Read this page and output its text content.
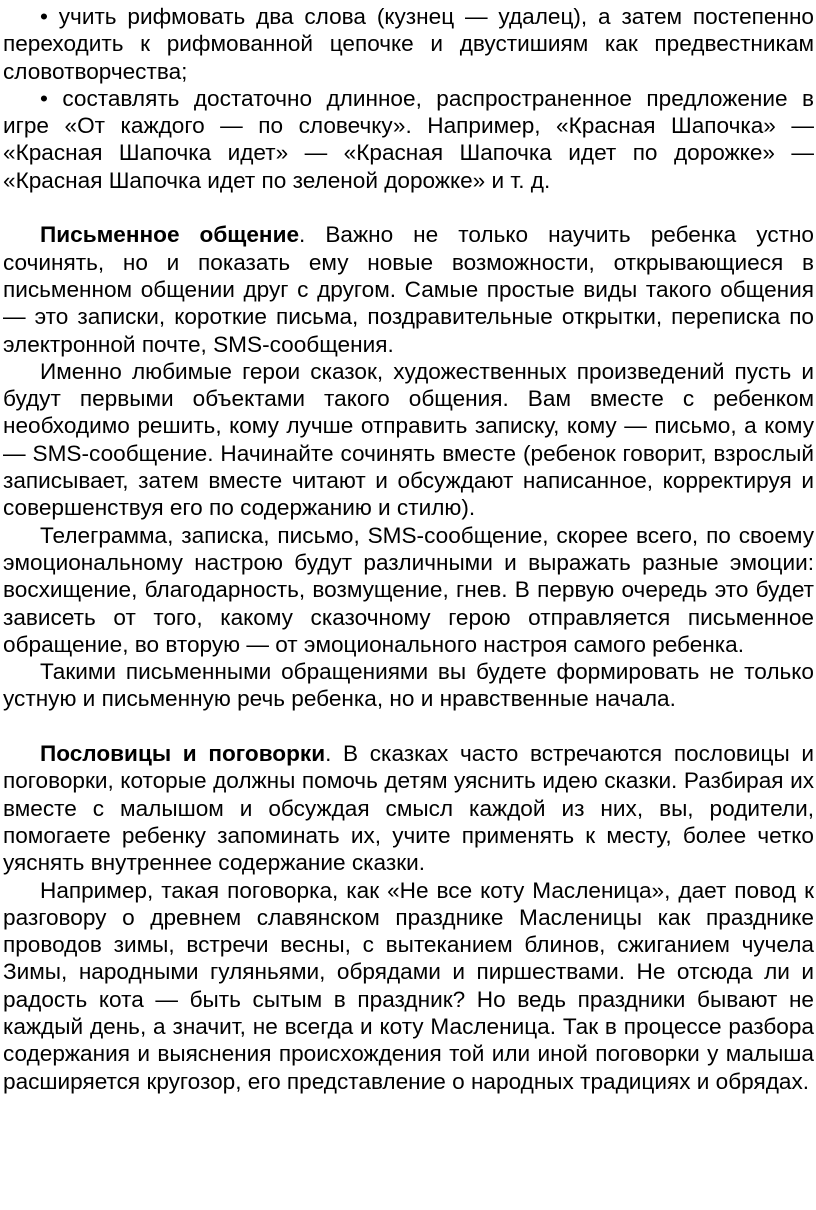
• учить рифмовать два слова (кузнец — удалец), а затем постепенно переходить к рифмованной цепочке и двустишиям как предвестникам словотворчества;

• составлять достаточно длинное, распространенное предложение в игре «От каждого — по словечку». Например, «Красная Шапочка» — «Красная Шапочка идет» — «Красная Шапочка идет по дорожке» — «Красная Шапочка идет по зеленой дорожке» и т. д.

Письменное общение. Важно не только научить ребенка устно сочинять, но и показать ему новые возможности, открывающиеся в письменном общении друг с другом. Самые простые виды такого общения — это записки, короткие письма, поздравительные открытки, переписка по электронной почте, SMS-сообщения.

Именно любимые герои сказок, художественных произведений пусть и будут первыми объектами такого общения. Вам вместе с ребенком необходимо решить, кому лучше отправить записку, кому — письмо, а кому — SMS-сообщение. Начинайте сочинять вместе (ребенок говорит, взрослый записывает, затем вместе читают и обсуждают написанное, корректируя и совершенствуя его по содержанию и стилю).

Телеграмма, записка, письмо, SMS-сообщение, скорее всего, по своему эмоциональному настрою будут различными и выражать разные эмоции: восхищение, благодарность, возмущение, гнев. В первую очередь это будет зависеть от того, какому сказочному герою отправляется письменное обращение, во вторую — от эмоционального настроя самого ребенка.

Такими письменными обращениями вы будете формировать не только устную и письменную речь ребенка, но и нравственные начала.

Пословицы и поговорки. В сказках часто встречаются пословицы и поговорки, которые должны помочь детям уяснить идею сказки. Разбирая их вместе с малышом и обсуждая смысл каждой из них, вы, родители, помогаете ребенку запоминать их, учите применять к месту, более четко уяснять внутреннее содержание сказки.

Например, такая поговорка, как «Не все коту Масленица», дает повод к разговору о древнем славянском празднике Масленицы как празднике проводов зимы, встречи весны, с вытеканием блинов, сжиганием чучела Зимы, народными гуляньями, обрядами и пиршествами. Не отсюда ли и радость кота — быть сытым в праздник? Но ведь праздники бывают не каждый день, а значит, не всегда и коту Масленица. Так в процессе разбора содержания и выяснения происхождения той или иной поговорки у малыша расширяется кругозор, его представление о народных традициях и обрядах.
